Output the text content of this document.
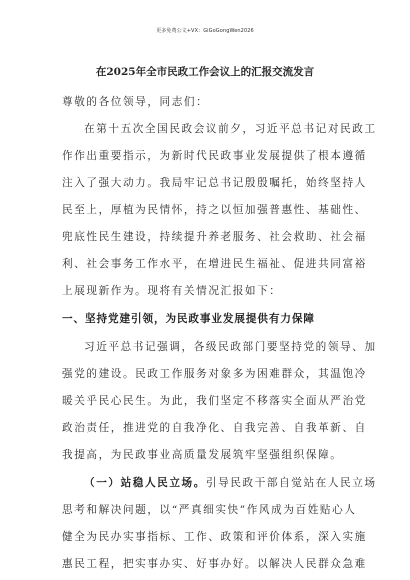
更多免费公文+VX：GiGoGongWen2026
在2025年全市民政工作会议上的汇报交流发言
尊敬的各位领导，同志们：
在第十五次全国民政会议前夕，习近平总书记对民政工
作作出重要指示，为新时代民政事业发展提供了根本遵循
注入了强大动力。我局牢记总书记殷殷嘱托，始终坚持人
民至上，厚植为民情怀，持之以恒加强普惠性、基础性、
兜底性民生建设，持续提升养老服务、社会救助、社会福
利、社会事务工作水平，在增进民生福祉、促进共同富裕
上展现新作为。现将有关情况汇报如下：
一、坚持党建引领，为民政事业发展提供有力保障
习近平总书记强调，各级民政部门要坚持党的领导、加
强党的建设。民政工作服务对象多为困难群众，其温饱冷
暖关乎民心民生。为此，我们坚定不移落实全面从严治党
政治责任，推进党的自我净化、自我完善、自我革新、自
我提高，为民政事业高质量发展筑牢坚强组织保障。
（一）站稳人民立场。引导民政干部自觉站在人民立场
思考和解决问题，以“严真细实快”作风成为百姓贴心人
健全为民办实事指标、工作、政策和评价体系，深入实施
惠民工程，把实事办实、好事办好。以解决人民群众急难
